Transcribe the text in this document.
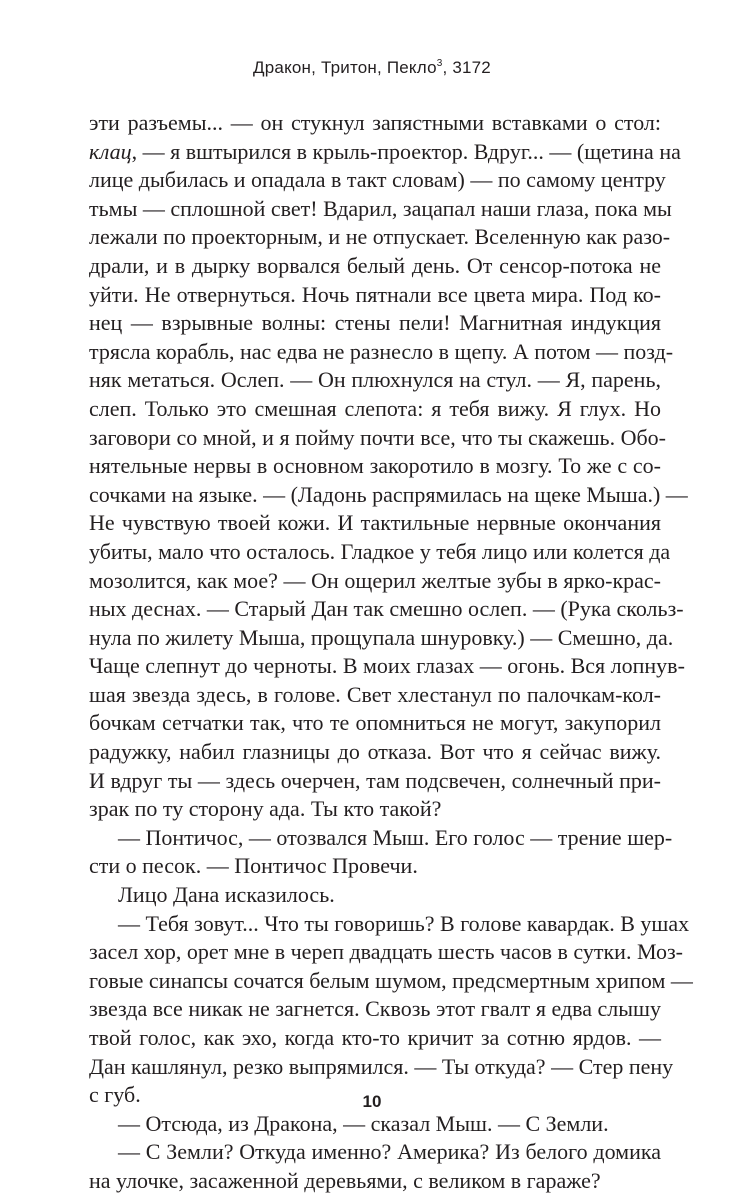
Дракон, Тритон, Пекло$^3$, 3172
эти разъемы... — он стукнул запястными вставками о стол:
клац, — я вштырился в крыль-проектор. Вдруг... — (щетина на
лице дыбилась и опадала в такт словам) — по самому центру
тьмы — сплошной свет! Вдарил, зацапал наши глаза, пока мы
лежали по проекторным, и не отпускает. Вселенную как разо-
драли, и в дырку ворвался белый день. От сенсор-потока не
уйти. Не отвернуться. Ночь пятнали все цвета мира. Под ко-
нец — взрывные волны: стены пели! Магнитная индукция
трясла корабль, нас едва не разнесло в щепу. А потом — позд-
няк метаться. Ослеп. — Он плюхнулся на стул. — Я, парень,
слеп. Только это смешная слепота: я тебя вижу. Я глух. Но
заговори со мной, и я пойму почти все, что ты скажешь. Обо-
нятельные нервы в основном закоротило в мозгу. То же с со-
сочками на языке. — (Ладонь распрямилась на щеке Мыша.) —
Не чувствую твоей кожи. И тактильные нервные окончания
убиты, мало что осталось. Гладкое у тебя лицо или колется да
мозолится, как мое? — Он ощерил желтые зубы в ярко-крас-
ных деснах. — Старый Дан так смешно ослеп. — (Рука скольз-
нула по жилету Мыша, прощупала шнуровку.) — Смешно, да.
Чаще слепнут до черноты. В моих глазах — огонь. Вся лопнув-
шая звезда здесь, в голове. Свет хлестанул по палочкам-кол-
бочкам сетчатки так, что те опомниться не могут, закупорил
радужку, набил глазницы до отказа. Вот что я сейчас вижу.
И вдруг ты — здесь очерчен, там подсвечен, солнечный при-
зрак по ту сторону ада. Ты кто такой?
— Понтичос, — отозвался Мыш. Его голос — трение шер-
сти о песок. — Понтичос Провечи.
Лицо Дана исказилось.
— Тебя зовут... Что ты говоришь? В голове кавардак. В ушах
засел хор, орет мне в череп двадцать шесть часов в сутки. Моз-
говые синапсы сочатся белым шумом, предсмертным хрипом —
звезда все никак не загнется. Сквозь этот гвалт я едва слышу
твой голос, как эхо, когда кто-то кричит за сотню ярдов. —
Дан кашлянул, резко выпрямился. — Ты откуда? — Стер пену
с губ.
— Отсюда, из Дракона, — сказал Мыш. — С Земли.
— С Земли? Откуда именно? Америка? Из белого домика
на улочке, засаженной деревьями, с великом в гараже?
10
